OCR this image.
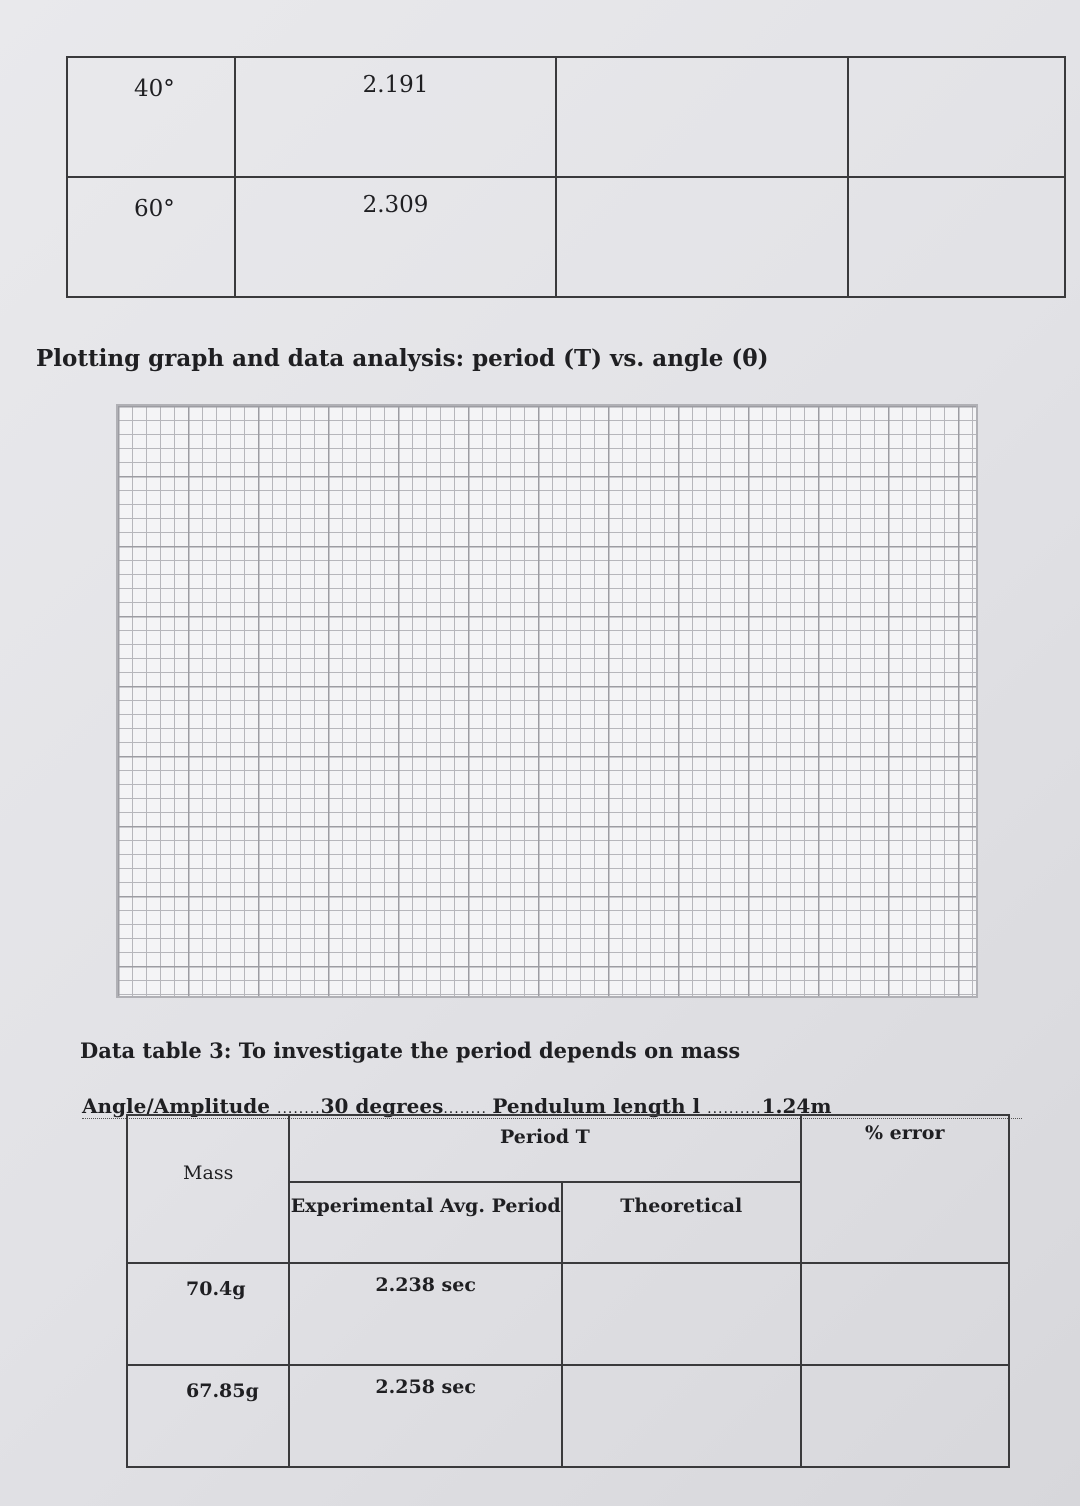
40°	2.191		
60°	2.309		
Plotting graph and data analysis: period (T) vs. angle (θ)
Data table 3: To investigate the period depends on mass
Angle/Amplitude ........30 degrees........ Pendulum length l ..........1.24m
Mass	Period T		% error
	Experimental Avg. Period	Theoretical	
70.4g	2.238 sec		
67.85g	2.258 sec		
